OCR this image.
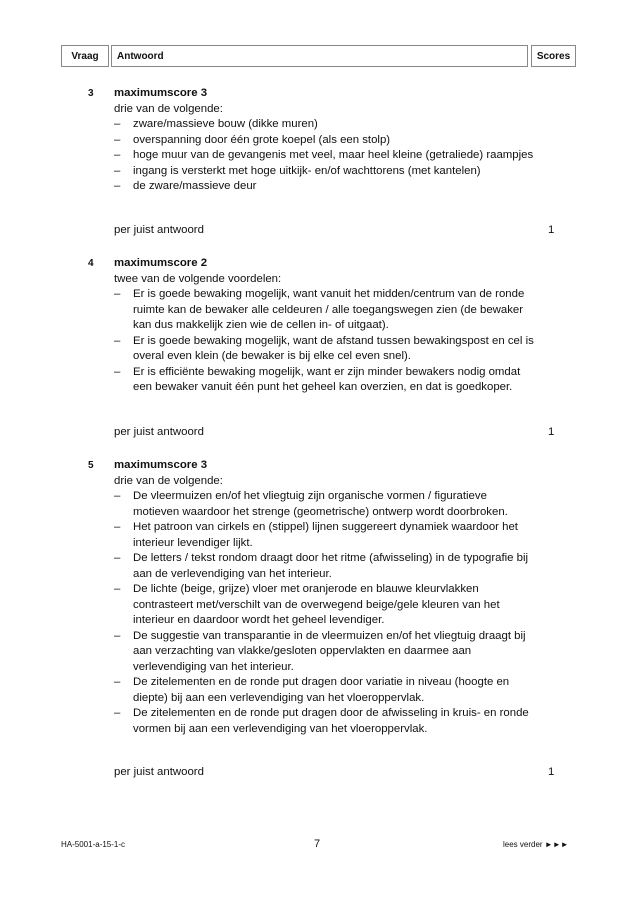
Vraag	Antwoord	Scores
3 maximumscore 3
drie van de volgende:
– zware/massieve bouw (dikke muren)
– overspanning door één grote koepel (als een stolp)
– hoge muur van de gevangenis met veel, maar heel kleine (getraliede) raampjes
– ingang is versterkt met hoge uitkijk- en/of wachttorens (met kantelen)
– de zware/massieve deur
per juist antwoord	1
4 maximumscore 2
twee van de volgende voordelen:
– Er is goede bewaking mogelijk, want vanuit het midden/centrum van de ronde ruimte kan de bewaker alle celdeuren / alle toegangswegen zien (de bewaker kan dus makkelijk zien wie de cellen in- of uitgaat).
– Er is goede bewaking mogelijk, want de afstand tussen bewakingspost en cel is overal even klein (de bewaker is bij elke cel even snel).
– Er is efficiënte bewaking mogelijk, want er zijn minder bewakers nodig omdat een bewaker vanuit één punt het geheel kan overzien, en dat is goedkoper.
per juist antwoord	1
5 maximumscore 3
drie van de volgende:
– De vleermuizen en/of het vliegtuig zijn organische vormen / figuratieve motieven waardoor het strenge (geometrische) ontwerp wordt doorbroken.
– Het patroon van cirkels en (stippel) lijnen suggereert dynamiek waardoor het interieur levendiger lijkt.
– De letters / tekst rondom draagt door het ritme (afwisseling) in de typografie bij aan de verlevendiging van het interieur.
– De lichte (beige, grijze) vloer met oranjerode en blauwe kleurvlakken contrasteert met/verschilt van de overwegend beige/gele kleuren van het interieur en daardoor wordt het geheel levendiger.
– De suggestie van transparantie in de vleermuizen en/of het vliegtuig draagt bij aan verzachting van vlakke/gesloten oppervlakten en daarmee aan verlevendiging van het interieur.
– De zitelementen en de ronde put dragen door variatie in niveau (hoogte en diepte) bij aan een verlevendiging van het vloeroppervlak.
– De zitelementen en de ronde put dragen door de afwisseling in kruis- en ronde vormen bij aan een verlevendiging van het vloeroppervlak.
per juist antwoord	1
HA-5001-a-15-1-c	7	lees verder ►►►
